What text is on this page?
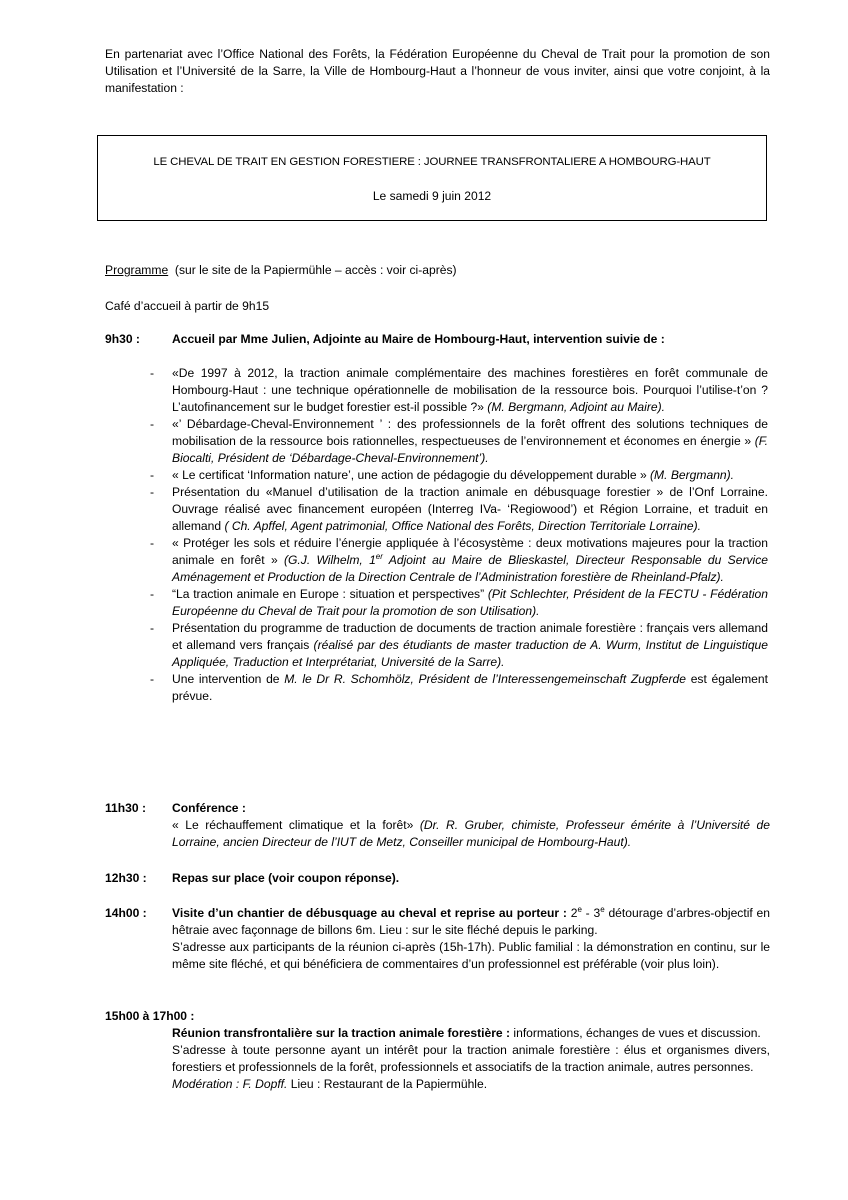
En partenariat avec l’Office National des Forêts, la Fédération Européenne du Cheval de Trait pour la promotion de son Utilisation et l’Université de la Sarre, la Ville de Hombourg-Haut a l’honneur de vous inviter, ainsi que votre conjoint, à la manifestation :

LE CHEVAL DE TRAIT EN GESTION FORESTIERE : JOURNEE TRANSFRONTALIERE A HOMBOURG-HAUT
Le samedi 9 juin 2012

Programme (sur le site de la Papiermühle – accès : voir ci-après)

Café d’accueil à partir de 9h15

9h30 :	Accueil par Mme Julien, Adjointe au Maire de Hombourg-Haut, intervention suivie de :
- «De 1997 à 2012, la traction animale complémentaire des machines forestières en forêt communale de Hombourg-Haut : une technique opérationnelle de mobilisation de la ressource bois. Pourquoi l’utilise-t’on ? L’autofinancement sur le budget forestier est-il possible ?» (M. Bergmann, Adjoint au Maire).
- «’ Débardage-Cheval-Environnement ’ : des professionnels de la forêt offrent des solutions techniques de mobilisation de la ressource bois rationnelles, respectueuses de l’environnement et économes en énergie » (F. Biocalti, Président de ‘Débardage-Cheval-Environnement’).
- « Le certificat ‘Information nature’, une action de pédagogie du développement durable » (M. Bergmann).
- Présentation du «Manuel d’utilisation de la traction animale en débusquage forestier » de l’Onf Lorraine. Ouvrage réalisé avec financement européen (Interreg IVa- ‘Regiowood’) et Région Lorraine, et traduit en allemand ( Ch. Apffel, Agent patrimonial, Office National des Forêts, Direction Territoriale Lorraine).
- « Protéger les sols et réduire l’énergie appliquée à l’écosystème : deux motivations majeures pour la traction animale en forêt » (G.J. Wilhelm, 1er Adjoint au Maire de Blieskastel, Directeur Responsable du Service Aménagement et Production de la Direction Centrale de l’Administration forestière de Rheinland-Pfalz).
- “La traction animale en Europe : situation et perspectives” (Pit Schlechter, Président de la FECTU - Fédération Européenne du Cheval de Trait pour la promotion de son Utilisation).
- Présentation du programme de traduction de documents de traction animale forestière : français vers allemand et allemand vers français (réalisé par des étudiants de master traduction de A. Wurm, Institut de Linguistique Appliquée, Traduction et Interprétariat, Université de la Sarre).
- Une intervention de M. le Dr R. Schomhölz, Président de l’Interessengemeinschaft Zugpferde est également prévue.
11h30 : Conférence :
« Le réchauffement climatique et la forêt» (Dr. R. Gruber, chimiste, Professeur émérite à l’Université de Lorraine, ancien Directeur de l’IUT de Metz, Conseiller municipal de Hombourg-Haut).
12h30 : Repas sur place (voir coupon réponse).
14h00 : Visite d’un chantier de débusquage au cheval et reprise au porteur : 2e - 3e détourage d’arbres-objectif en hêtraie avec façonnage de billons 6m. Lieu : sur le site fléché depuis le parking.
S’adresse aux participants de la réunion ci-après (15h-17h). Public familial : la démonstration en continu, sur le même site fléché, et qui bénéficiera de commentaires d’un professionnel est préférable (voir plus loin).
15h00 à 17h00 :
Réunion transfrontalière sur la traction animale forestière : informations, échanges de vues et discussion.
S’adresse à toute personne ayant un intérêt pour la traction animale forestière : élus et organismes divers, forestiers et professionnels de la forêt, professionnels et associatifs de la traction animale, autres personnes.
Modération : F. Dopff. Lieu : Restaurant de la Papiermühle.
